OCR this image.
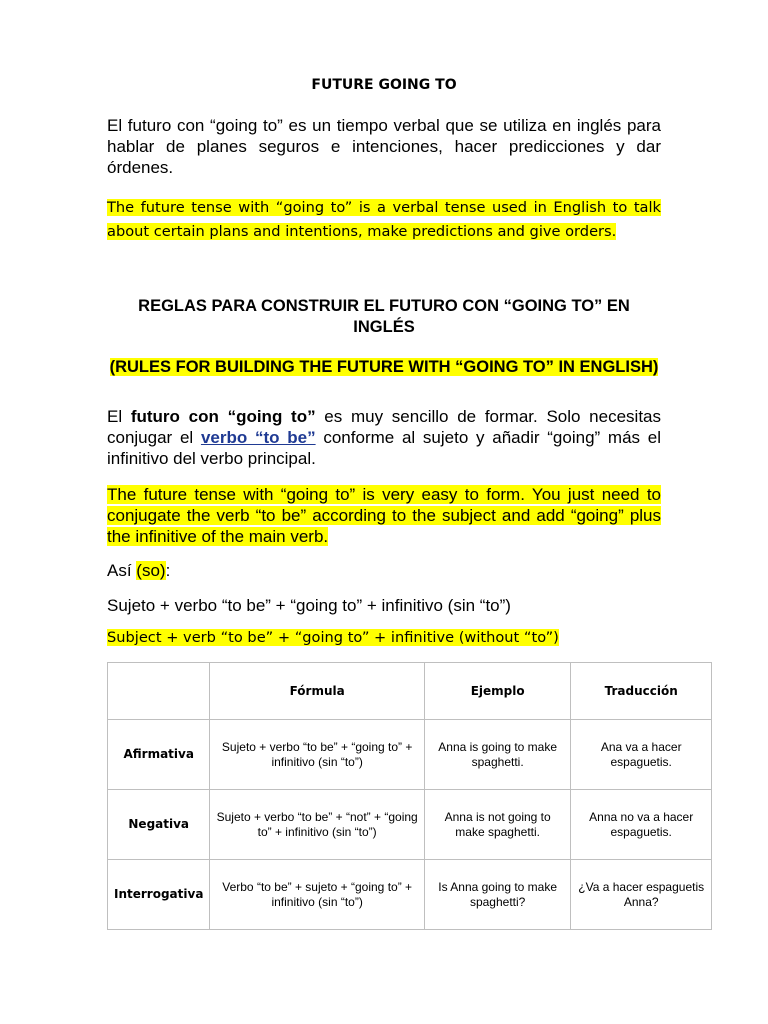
FUTURE GOING TO

El futuro con “going to” es un tiempo verbal que se utiliza en inglés para hablar de planes seguros e intenciones, hacer predicciones y dar órdenes.

The future tense with “going to” is a verbal tense used in English to talk about certain plans and intentions, make predictions and give orders.

REGLAS PARA CONSTRUIR EL FUTURO CON “GOING TO” EN INGLÉS
(RULES FOR BUILDING THE FUTURE WITH “GOING TO” IN ENGLISH)

El futuro con “going to” es muy sencillo de formar. Solo necesitas conjugar el verbo “to be” conforme al sujeto y añadir “going” más el infinitivo del verbo principal.

The future tense with “going to” is very easy to form. You just need to conjugate the verb “to be” according to the subject and add “going” plus the infinitive of the main verb.

Así (so):

Sujeto + verbo “to be” + “going to” + infinitivo (sin “to”)

Subject + verb “to be” + “going to” + infinitive (without “to”)

	Fórmula	Ejemplo	Traducción
Afirmativa	Sujeto + verbo “to be” + “going to” + infinitivo (sin “to”)	Anna is going to make spaghetti.	Ana va a hacer espaguetis.
Negativa	Sujeto + verbo “to be” + “not” + “going to” + infinitivo (sin “to”)	Anna is not going to make spaghetti.	Anna no va a hacer espaguetis.
Interrogativa	Verbo “to be” + sujeto + “going to” + infinitivo (sin “to”)	Is Anna going to make spaghetti?	¿Va a hacer espaguetis Anna?
